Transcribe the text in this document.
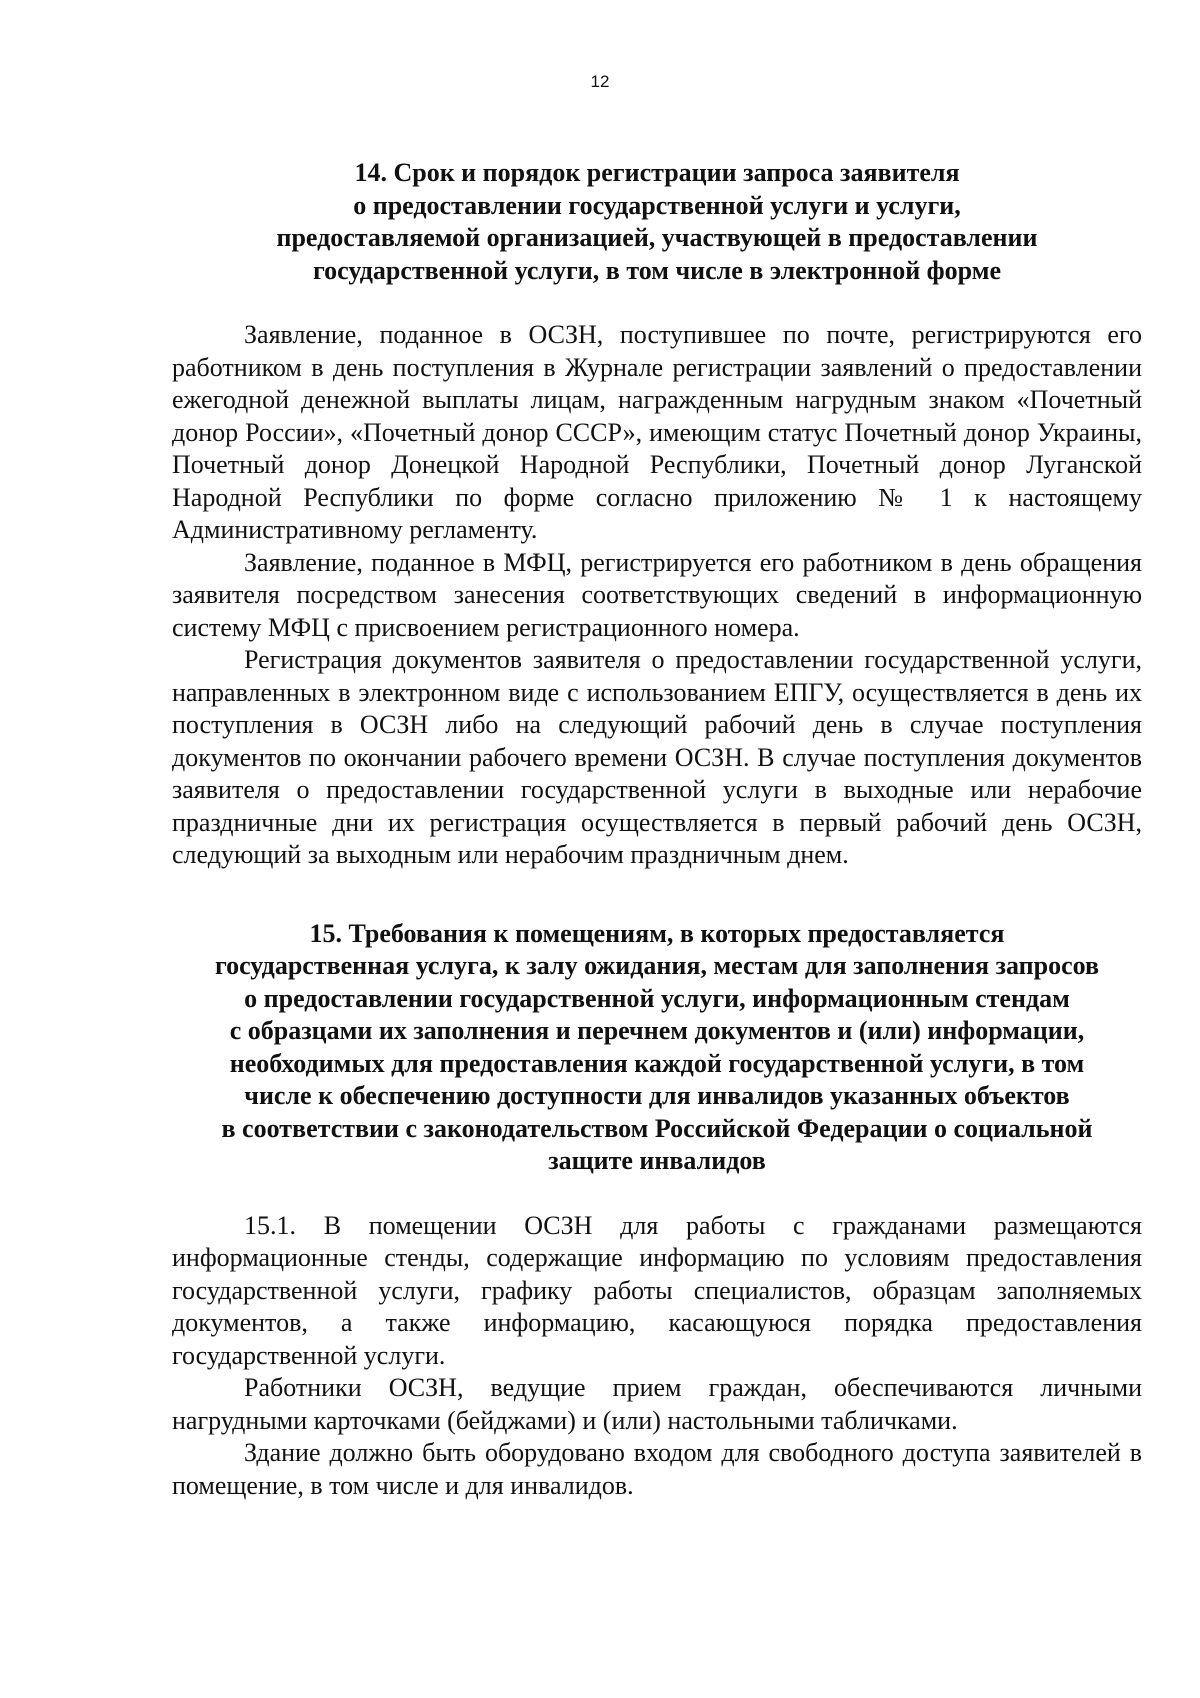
12
14. Срок и порядок регистрации запроса заявителя
о предоставлении государственной услуги и услуги,
предоставляемой организацией, участвующей в предоставлении
государственной услуги, в том числе в электронной форме

Заявление, поданное в ОСЗН, поступившее по почте, регистрируются его работником в день поступления в Журнале регистрации заявлений о предоставлении ежегодной денежной выплаты лицам, награжденным нагрудным знаком «Почетный донор России», «Почетный донор СССР», имеющим статус Почетный донор Украины, Почетный донор Донецкой Народной Республики, Почетный донор Луганской Народной Республики по форме согласно приложению № 1 к настоящему Административному регламенту.

Заявление, поданное в МФЦ, регистрируется его работником в день обращения заявителя посредством занесения соответствующих сведений в информационную систему МФЦ с присвоением регистрационного номера.

Регистрация документов заявителя о предоставлении государственной услуги, направленных в электронном виде с использованием ЕПГУ, осуществляется в день их поступления в ОСЗН либо на следующий рабочий день в случае поступления документов по окончании рабочего времени ОСЗН. В случае поступления документов заявителя о предоставлении государственной услуги в выходные или нерабочие праздничные дни их регистрация осуществляется в первый рабочий день ОСЗН, следующий за выходным или нерабочим праздничным днем.

15. Требования к помещениям, в которых предоставляется
государственная услуга, к залу ожидания, местам для заполнения запросов
о предоставлении государственной услуги, информационным стендам
с образцами их заполнения и перечнем документов и (или) информации,
необходимых для предоставления каждой государственной услуги, в том
числе к обеспечению доступности для инвалидов указанных объектов
в соответствии с законодательством Российской Федерации о социальной
защите инвалидов

15.1. В помещении ОСЗН для работы с гражданами размещаются информационные стенды, содержащие информацию по условиям предоставления государственной услуги, графику работы специалистов, образцам заполняемых документов, а также информацию, касающуюся порядка предоставления государственной услуги.

Работники ОСЗН, ведущие прием граждан, обеспечиваются личными нагрудными карточками (бейджами) и (или) настольными табличками.

Здание должно быть оборудовано входом для свободного доступа заявителей в помещение, в том числе и для инвалидов.
